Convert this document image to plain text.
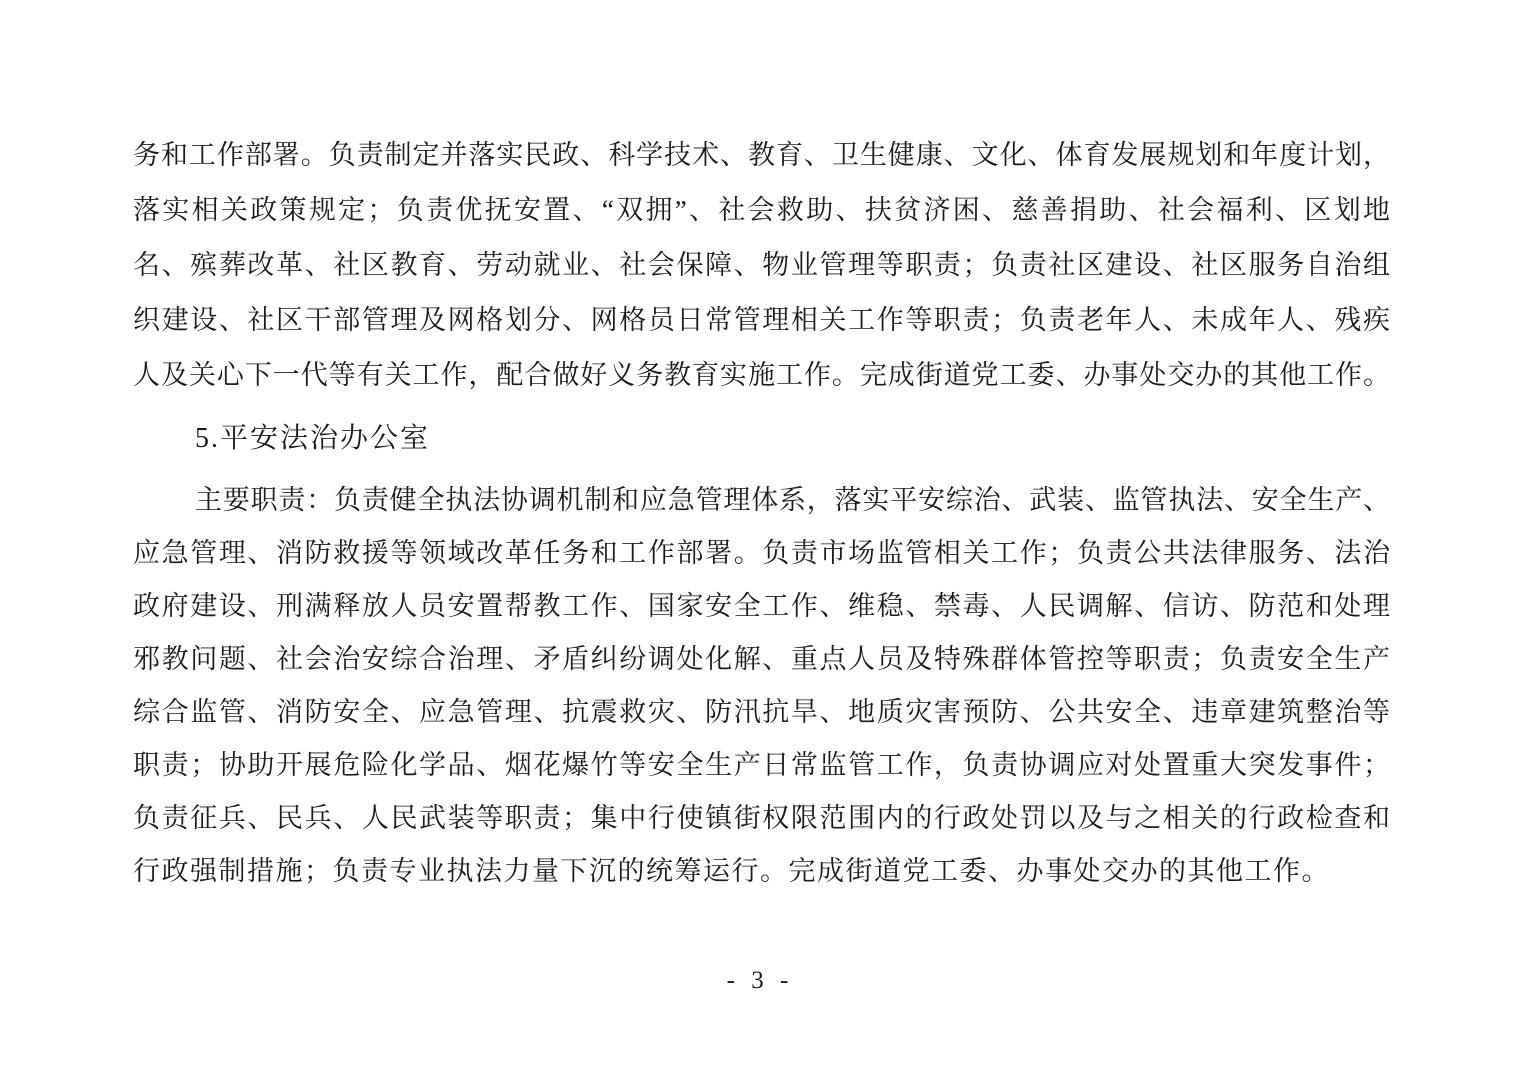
务和工作部署。负责制定并落实民政、科学技术、教育、卫生健康、文化、体育发展规划和年度计划，
落实相关政策规定；负责优抚安置、“双拥”、社会救助、扶贫济困、慈善捐助、社会福利、区划地
名、殡葬改革、社区教育、劳动就业、社会保障、物业管理等职责；负责社区建设、社区服务自治组
织建设、社区干部管理及网格划分、网格员日常管理相关工作等职责；负责老年人、未成年人、残疾
人及关心下一代等有关工作，配合做好义务教育实施工作。完成街道党工委、办事处交办的其他工作。
5.平安法治办公室
主要职责：负责健全执法协调机制和应急管理体系，落实平安综治、武装、监管执法、安全生产、
应急管理、消防救援等领域改革任务和工作部署。负责市场监管相关工作；负责公共法律服务、法治
政府建设、刑满释放人员安置帮教工作、国家安全工作、维稳、禁毒、人民调解、信访、防范和处理
邪教问题、社会治安综合治理、矛盾纠纷调处化解、重点人员及特殊群体管控等职责；负责安全生产
综合监管、消防安全、应急管理、抗震救灾、防汛抗旱、地质灾害预防、公共安全、违章建筑整治等
职责；协助开展危险化学品、烟花爆竹等安全生产日常监管工作，负责协调应对处置重大突发事件；
负责征兵、民兵、人民武装等职责；集中行使镇街权限范围内的行政处罚以及与之相关的行政检查和
行政强制措施；负责专业执法力量下沉的统筹运行。完成街道党工委、办事处交办的其他工作。
- 3 -
